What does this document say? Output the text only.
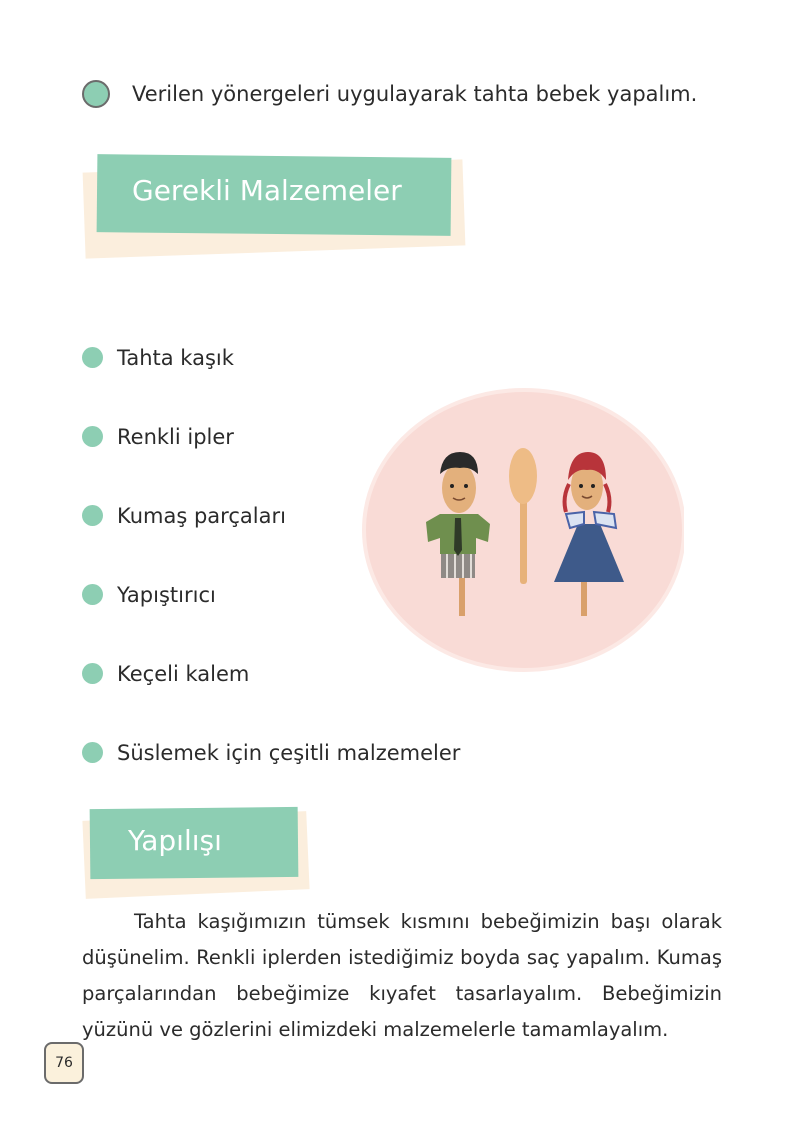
Verilen yönergeleri uygulayarak tahta bebek yapalım.
Gerekli Malzemeler
Tahta kaşık
Renkli ipler
Kumaş parçaları
Yapıştırıcı
Keçeli kalem
Süslemek için çeşitli malzemeler
Yapılışı

Tahta kaşığımızın tümsek kısmını bebeğimizin başı olarak düşünelim. Renkli iplerden istediğimiz boyda saç yapalım. Kumaş parçalarından bebeğimize kıyafet tasarlayalım. Bebeğimizin yüzünü ve gözlerini elimizdeki malzemelerle tamamlayalım.

76
